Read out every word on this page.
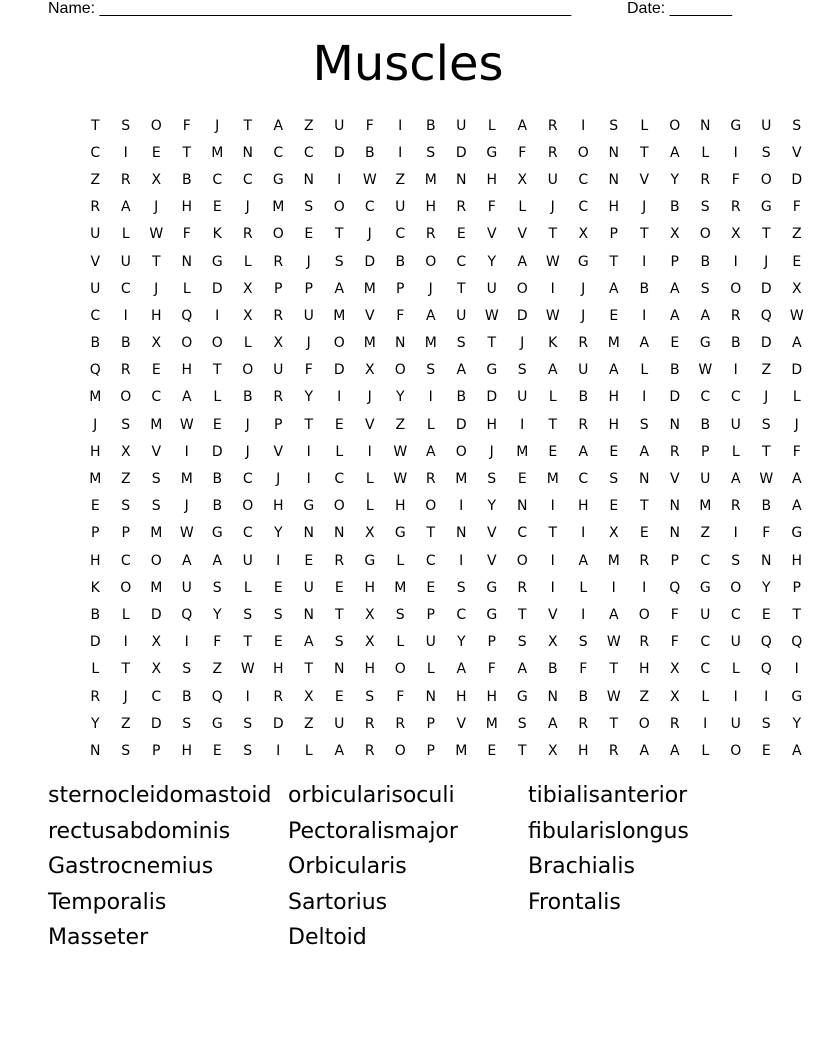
Name: _____________________________________________________	Date: _______
Muscles
T	S	O	F	J	T	A	Z	U	F	I	B	U	L	A	R	I	S	L	O	N	G	U	S
C	I	E	T	M	N	C	C	D	B	I	S	D	G	F	R	O	N	T	A	L	I	S	V
Z	R	X	B	C	C	G	N	I	W	Z	M	N	H	X	U	C	N	V	Y	R	F	O	D
R	A	J	H	E	J	M	S	O	C	U	H	R	F	L	J	C	H	J	B	S	R	G	F
U	L	W	F	K	R	O	E	T	J	C	R	E	V	V	T	X	P	T	X	O	X	T	Z
V	U	T	N	G	L	R	J	S	D	B	O	C	Y	A	W	G	T	I	P	B	I	J	E
U	C	J	L	D	X	P	P	A	M	P	J	T	U	O	I	J	A	B	A	S	O	D	X
C	I	H	Q	I	X	R	U	M	V	F	A	U	W	D	W	J	E	I	A	A	R	Q	W
B	B	X	O	O	L	X	J	O	M	N	M	S	T	J	K	R	M	A	E	G	B	D	A
Q	R	E	H	T	O	U	F	D	X	O	S	A	G	S	A	U	A	L	B	W	I	Z	D
M	O	C	A	L	B	R	Y	I	J	Y	I	B	D	U	L	B	H	I	D	C	C	J	L
J	S	M	W	E	J	P	T	E	V	Z	L	D	H	I	T	R	H	S	N	B	U	S	J
H	X	V	I	D	J	V	I	L	I	W	A	O	J	M	E	A	E	A	R	P	L	T	F
M	Z	S	M	B	C	J	I	C	L	W	R	M	S	E	M	C	S	N	V	U	A	W	A
E	S	S	J	B	O	H	G	O	L	H	O	I	Y	N	I	H	E	T	N	M	R	B	A
P	P	M	W	G	C	Y	N	N	X	G	T	N	V	C	T	I	X	E	N	Z	I	F	G
H	C	O	A	A	U	I	E	R	G	L	C	I	V	O	I	A	M	R	P	C	S	N	H
K	O	M	U	S	L	E	U	E	H	M	E	S	G	R	I	L	I	I	Q	G	O	Y	P
B	L	D	Q	Y	S	S	N	T	X	S	P	C	G	T	V	I	A	O	F	U	C	E	T
D	I	X	I	F	T	E	A	S	X	L	U	Y	P	S	X	S	W	R	F	C	U	Q	Q
L	T	X	S	Z	W	H	T	N	H	O	L	A	F	A	B	F	T	H	X	C	L	Q	I
R	J	C	B	Q	I	R	X	E	S	F	N	H	H	G	N	B	W	Z	X	L	I	I	G
Y	Z	D	S	G	S	D	Z	U	R	R	P	V	M	S	A	R	T	O	R	I	U	S	Y
N	S	P	H	E	S	I	L	A	R	O	P	M	E	T	X	H	R	A	A	L	O	E	A
sternocleidomastoid orbicularisoculi	tibialisanterior
rectusabdominis	Pectoralismajor	fibularislongus
Gastrocnemius	Orbicularis	Brachialis
Temporalis	Sartorius	Frontalis
Masseter	Deltoid
